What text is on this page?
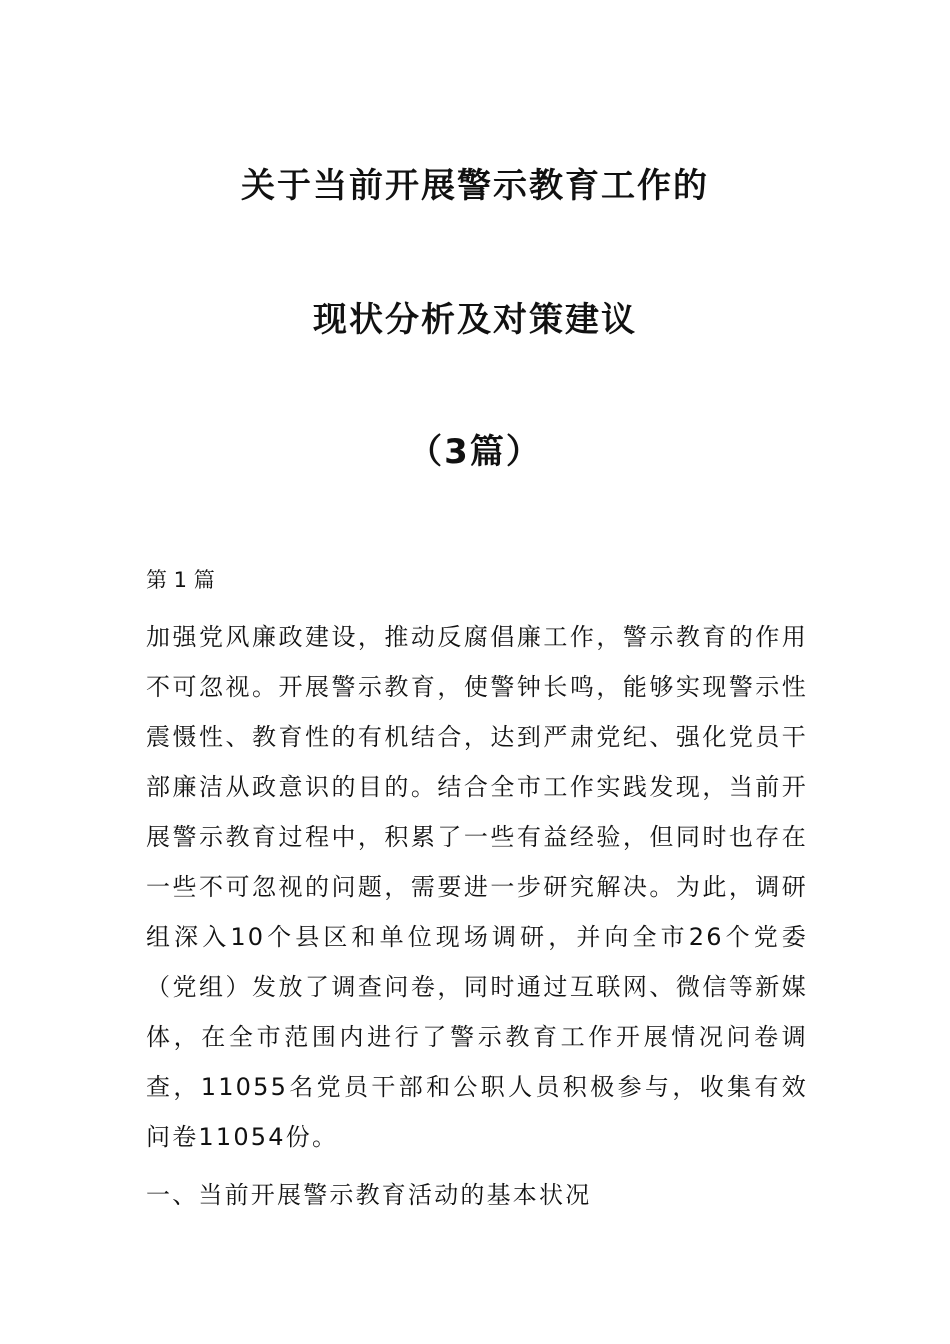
关于当前开展警示教育工作的
现状分析及对策建议
（3篇）
第 1 篇

加强党风廉政建设，推动反腐倡廉工作，警示教育的作用不可忽视。开展警示教育，使警钟长鸣，能够实现警示性震慑性、教育性的有机结合，达到严肃党纪、强化党员干部廉洁从政意识的目的。结合全市工作实践发现，当前开展警示教育过程中，积累了一些有益经验，但同时也存在一些不可忽视的问题，需要进一步研究解决。为此，调研组深入10个县区和单位现场调研，并向全市26个党委（党组）发放了调查问卷，同时通过互联网、微信等新媒体，在全市范围内进行了警示教育工作开展情况问卷调查，11055名党员干部和公职人员积极参与，收集有效问卷11054份。

一、当前开展警示教育活动的基本状况
